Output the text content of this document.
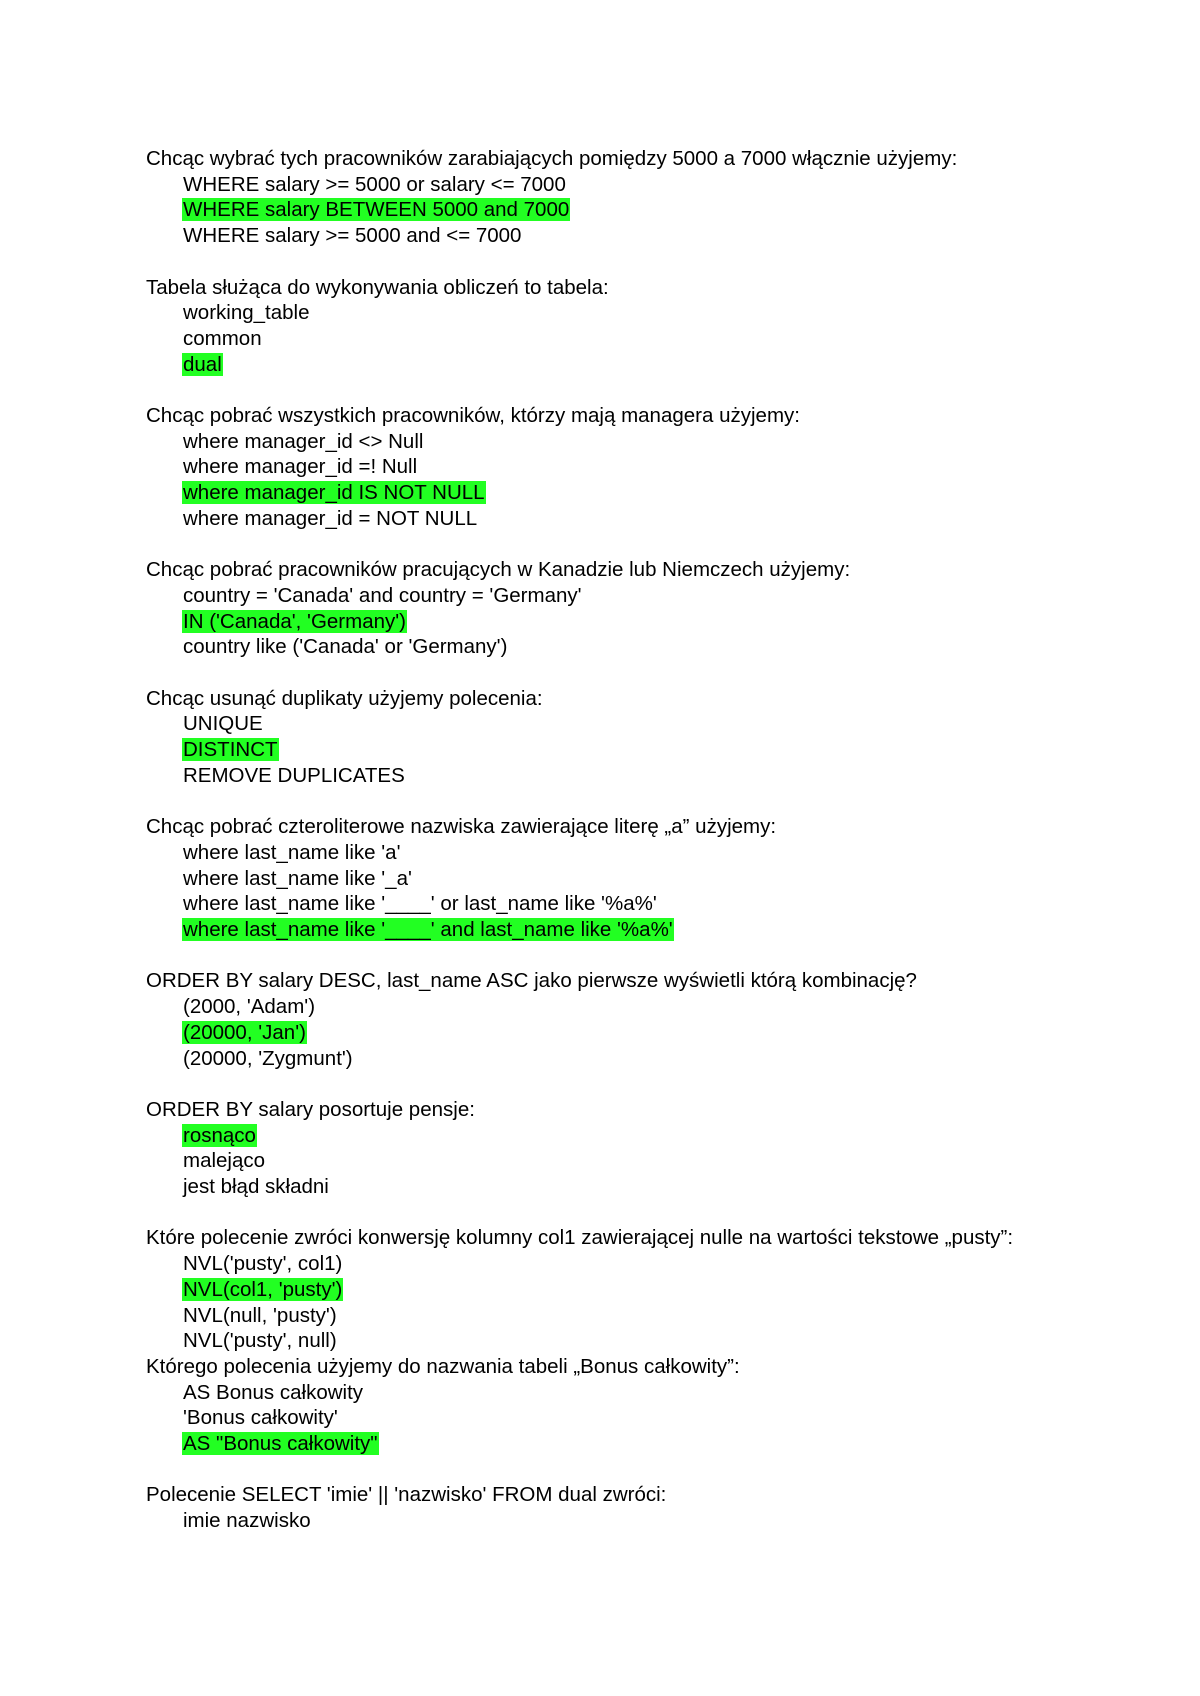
Chcąc wybrać tych pracowników zarabiających pomiędzy 5000 a 7000 włącznie użyjemy:
WHERE salary >= 5000 or salary <= 7000
WHERE salary BETWEEN 5000 and 7000
WHERE salary >= 5000 and <= 7000
Tabela służąca do wykonywania obliczeń to tabela:
working_table
common
dual
Chcąc pobrać wszystkich pracowników, którzy mają managera użyjemy:
where manager_id <> Null
where manager_id =! Null
where manager_id IS NOT NULL
where manager_id = NOT NULL
Chcąc pobrać pracowników pracujących w Kanadzie lub Niemczech użyjemy:
country = 'Canada' and country = 'Germany'
IN ('Canada', 'Germany')
country like ('Canada' or 'Germany')
Chcąc usunąć duplikaty użyjemy polecenia:
UNIQUE
DISTINCT
REMOVE DUPLICATES
Chcąc pobrać czteroliterowe nazwiska zawierające literę „a” użyjemy:
where last_name like 'a'
where last_name like '_a'
where last_name like '____' or last_name like '%a%'
where last_name like '____' and last_name like '%a%'
ORDER BY salary DESC, last_name ASC jako pierwsze wyświetli którą kombinację?
(2000, 'Adam')
(20000, 'Jan')
(20000, 'Zygmunt')
ORDER BY salary posortuje pensje:
rosnąco
malejąco
jest błąd składni
Które polecenie zwróci konwersję kolumny col1 zawierającej nulle na wartości tekstowe „pusty”:
NVL('pusty', col1)
NVL(col1, 'pusty')
NVL(null, 'pusty')
NVL('pusty', null)
Którego polecenia użyjemy do nazwania tabeli „Bonus całkowity”:
AS Bonus całkowity
'Bonus całkowity'
AS "Bonus całkowity"
Polecenie SELECT 'imie' || 'nazwisko' FROM dual zwróci:
imie nazwisko
